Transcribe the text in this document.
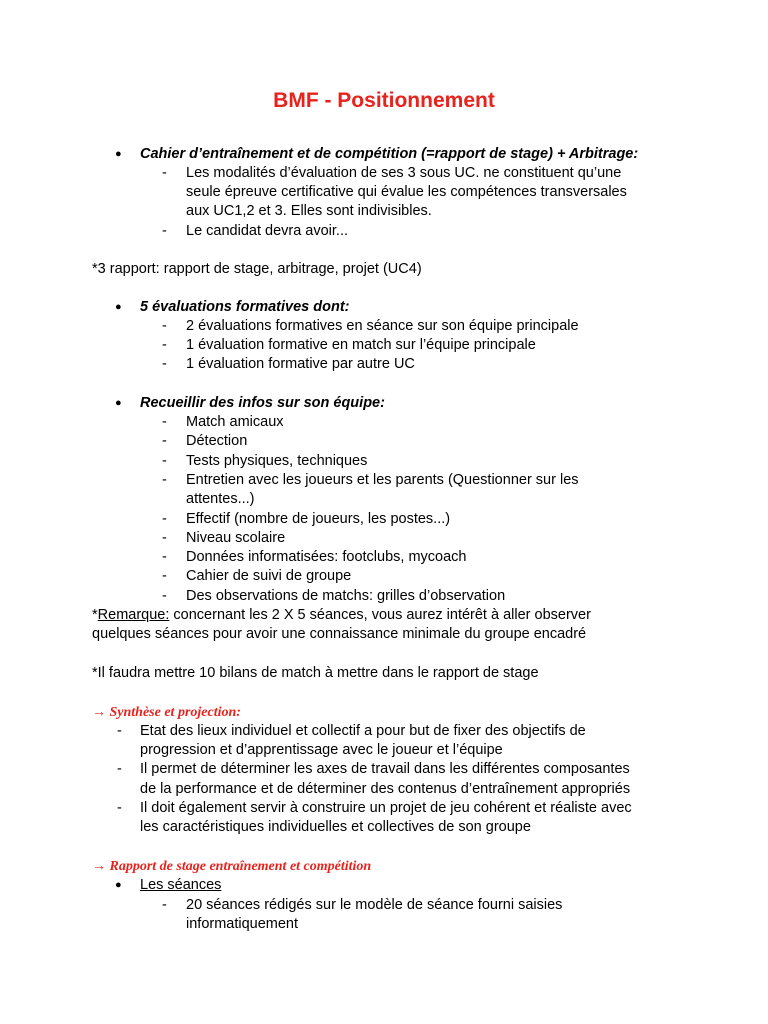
BMF - Positionnement
● Cahier d’entraînement et de compétition (=rapport de stage) + Arbitrage:
- Les modalités d’évaluation de ses 3 sous UC. ne constituent qu’une
seule épreuve certificative qui évalue les compétences transversales
aux UC1,2 et 3. Elles sont indivisibles.
- Le candidat devra avoir...
*3 rapport: rapport de stage, arbitrage, projet (UC4)
● 5 évaluations formatives dont:
- 2 évaluations formatives en séance sur son équipe principale
- 1 évaluation formative en match sur l’équipe principale
- 1 évaluation formative par autre UC
● Recueillir des infos sur son équipe:
- Match amicaux
- Détection
- Tests physiques, techniques
- Entretien avec les joueurs et les parents (Questionner sur les
attentes...)
- Effectif (nombre de joueurs, les postes...)
- Niveau scolaire
- Données informatisées: footclubs, mycoach
- Cahier de suivi de groupe
- Des observations de matchs: grilles d’observation
*Remarque: concernant les 2 X 5 séances, vous aurez intérêt à aller observer
quelques séances pour avoir une connaissance minimale du groupe encadré
*Il faudra mettre 10 bilans de match à mettre dans le rapport de stage
→ Synthèse et projection:
- Etat des lieux individuel et collectif a pour but de fixer des objectifs de
progression et d’apprentissage avec le joueur et l’équipe
- Il permet de déterminer les axes de travail dans les différentes composantes
de la performance et de déterminer des contenus d’entraînement appropriés
- Il doit également servir à construire un projet de jeu cohérent et réaliste avec
les caractéristiques individuelles et collectives de son groupe
→ Rapport de stage entraînement et compétition
● Les séances
- 20 séances rédigés sur le modèle de séance fourni saisies
informatiquement
